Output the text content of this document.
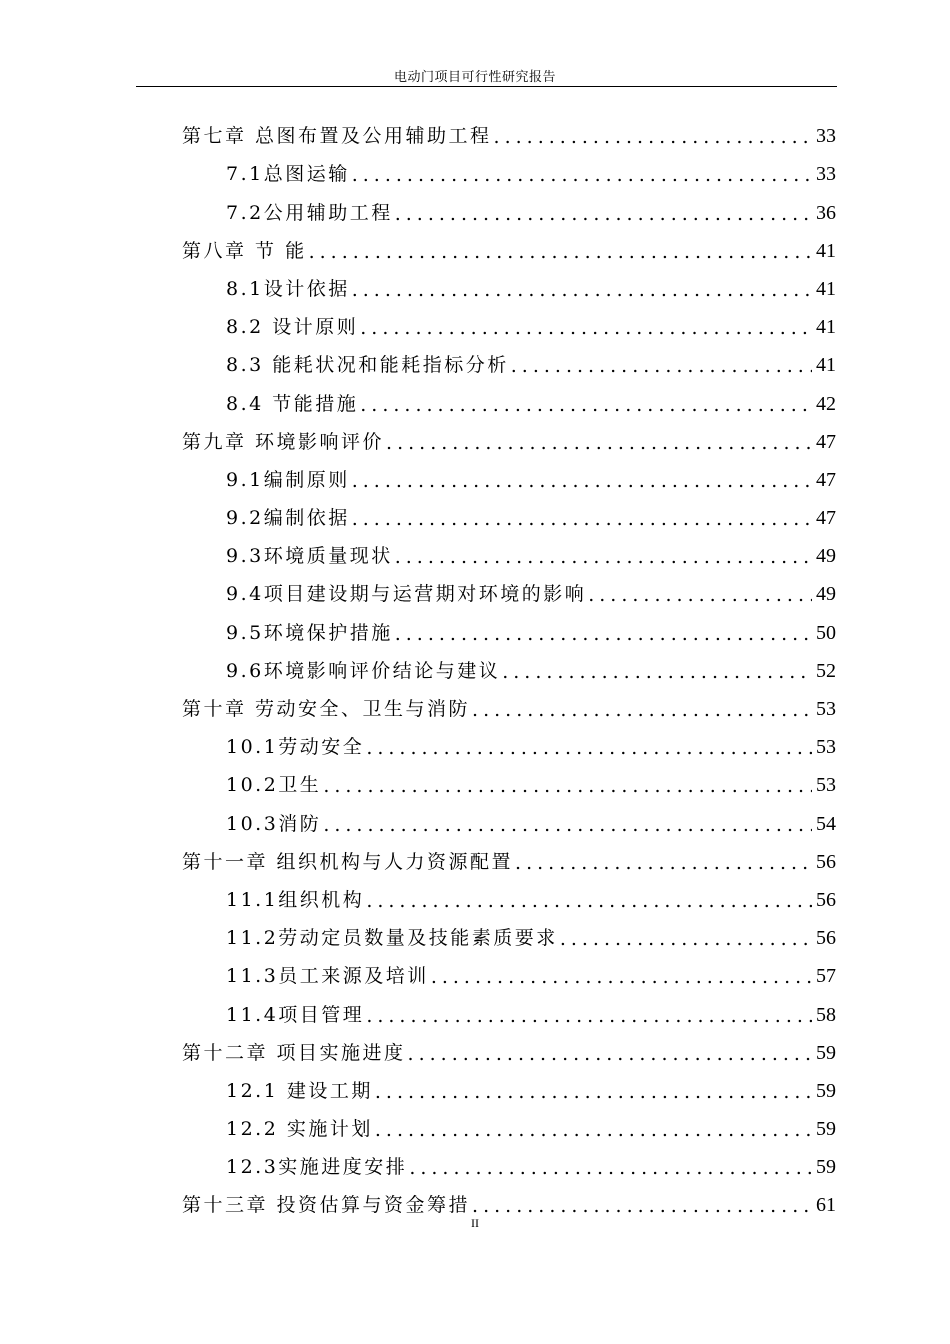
电动门项目可行性研究报告
第七章 总图布置及公用辅助工程 .....	33
7.1总图运输 .....	33
7.2公用辅助工程 .....	36
第八章 节 能 .....	41
8.1设计依据 .....	41
8.2 设计原则 .....	41
8.3 能耗状况和能耗指标分析 .....	41
8.4 节能措施 .....	42
第九章 环境影响评价 .....	47
9.1编制原则 .....	47
9.2编制依据 .....	47
9.3环境质量现状 .....	49
9.4项目建设期与运营期对环境的影响 .....	49
9.5环境保护措施 .....	50
9.6环境影响评价结论与建议 .....	52
第十章 劳动安全、卫生与消防 .....	53
10.1劳动安全 .....	53
10.2卫生 .....	53
10.3消防 .....	54
第十一章 组织机构与人力资源配置 .....	56
11.1组织机构 .....	56
11.2劳动定员数量及技能素质要求 .....	56
11.3员工来源及培训 .....	57
11.4项目管理 .....	58
第十二章 项目实施进度 .....	59
12.1 建设工期 .....	59
12.2 实施计划 .....	59
12.3实施进度安排 .....	59
第十三章 投资估算与资金筹措 .....	61
II
